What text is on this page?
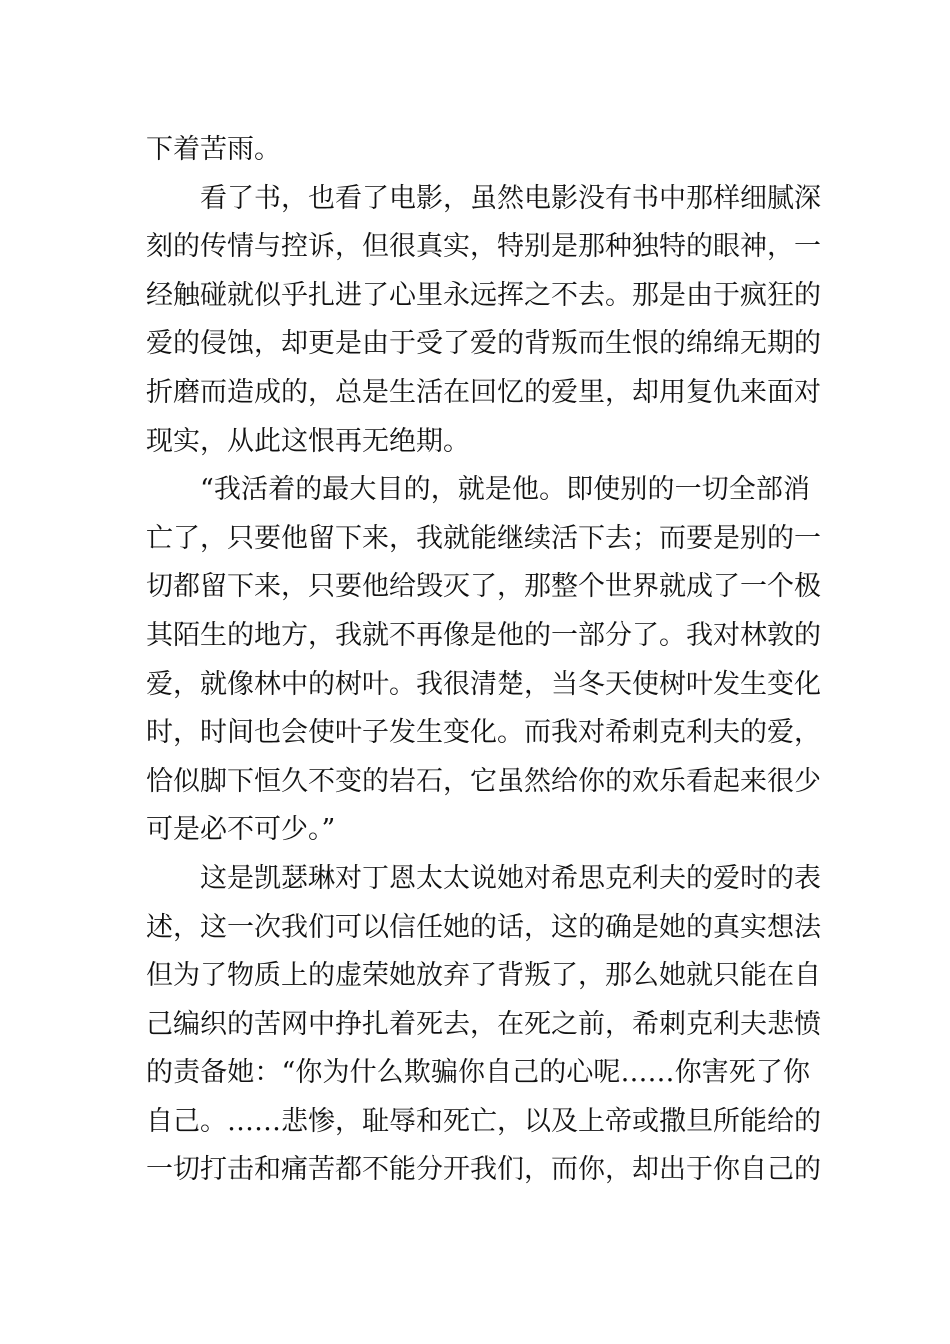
下着苦雨。
看了书，也看了电影，虽然电影没有书中那样细腻深
刻的传情与控诉，但很真实，特别是那种独特的眼神，一
经触碰就似乎扎进了心里永远挥之不去。那是由于疯狂的
爱的侵蚀，却更是由于受了爱的背叛而生恨的绵绵无期的
折磨而造成的，总是生活在回忆的爱里，却用复仇来面对
现实，从此这恨再无绝期。
“我活着的最大目的，就是他。即使别的一切全部消
亡了，只要他留下来，我就能继续活下去；而要是别的一
切都留下来，只要他给毁灭了，那整个世界就成了一个极
其陌生的地方，我就不再像是他的一部分了。我对林敦的
爱，就像林中的树叶。我很清楚，当冬天使树叶发生变化
时，时间也会使叶子发生变化。而我对希刺克利夫的爱，
恰似脚下恒久不变的岩石，它虽然给你的欢乐看起来很少
可是必不可少。”
这是凯瑟琳对丁恩太太说她对希思克利夫的爱时的表
述，这一次我们可以信任她的话，这的确是她的真实想法
但为了物质上的虚荣她放弃了背叛了，那么她就只能在自
己编织的苦网中挣扎着死去，在死之前，希刺克利夫悲愤
的责备她：“你为什么欺骗你自己的心呢……你害死了你
自己。……悲惨，耻辱和死亡，以及上帝或撒旦所能给的
一切打击和痛苦都不能分开我们，而你，却出于你自己的
